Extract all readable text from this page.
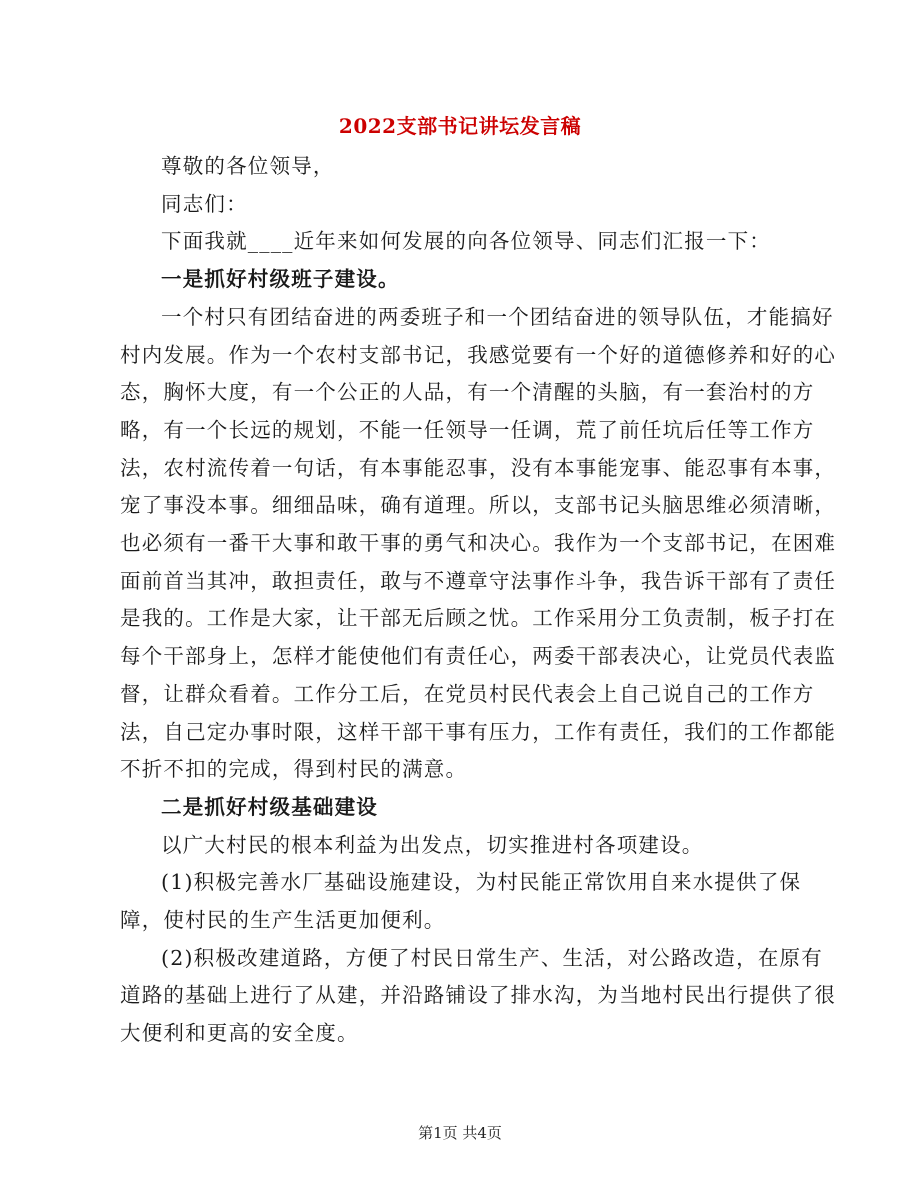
2022支部书记讲坛发言稿

尊敬的各位领导，

同志们：

下面我就____近年来如何发展的向各位领导、同志们汇报一下：

一是抓好村级班子建设。

一个村只有团结奋进的两委班子和一个团结奋进的领导队伍，才能搞好村内发展。作为一个农村支部书记，我感觉要有一个好的道德修养和好的心态，胸怀大度，有一个公正的人品，有一个清醒的头脑，有一套治村的方略，有一个长远的规划，不能一任领导一任调，荒了前任坑后任等工作方法，农村流传着一句话，有本事能忍事，没有本事能宠事、能忍事有本事，宠了事没本事。细细品味，确有道理。所以，支部书记头脑思维必须清晰，也必须有一番干大事和敢干事的勇气和决心。我作为一个支部书记，在困难面前首当其冲，敢担责任，敢与不遵章守法事作斗争，我告诉干部有了责任是我的。工作是大家，让干部无后顾之忧。工作采用分工负责制，板子打在每个干部身上，怎样才能使他们有责任心，两委干部表决心，让党员代表监督，让群众看着。工作分工后，在党员村民代表会上自己说自己的工作方法，自己定办事时限，这样干部干事有压力，工作有责任，我们的工作都能不折不扣的完成，得到村民的满意。

二是抓好村级基础建设

以广大村民的根本利益为出发点，切实推进村各项建设。

(1)积极完善水厂基础设施建设，为村民能正常饮用自来水提供了保障，使村民的生产生活更加便利。

(2)积极改建道路，方便了村民日常生产、生活，对公路改造，在原有道路的基础上进行了从建，并沿路铺设了排水沟，为当地村民出行提供了很大便利和更高的安全度。

第1页 共4页
